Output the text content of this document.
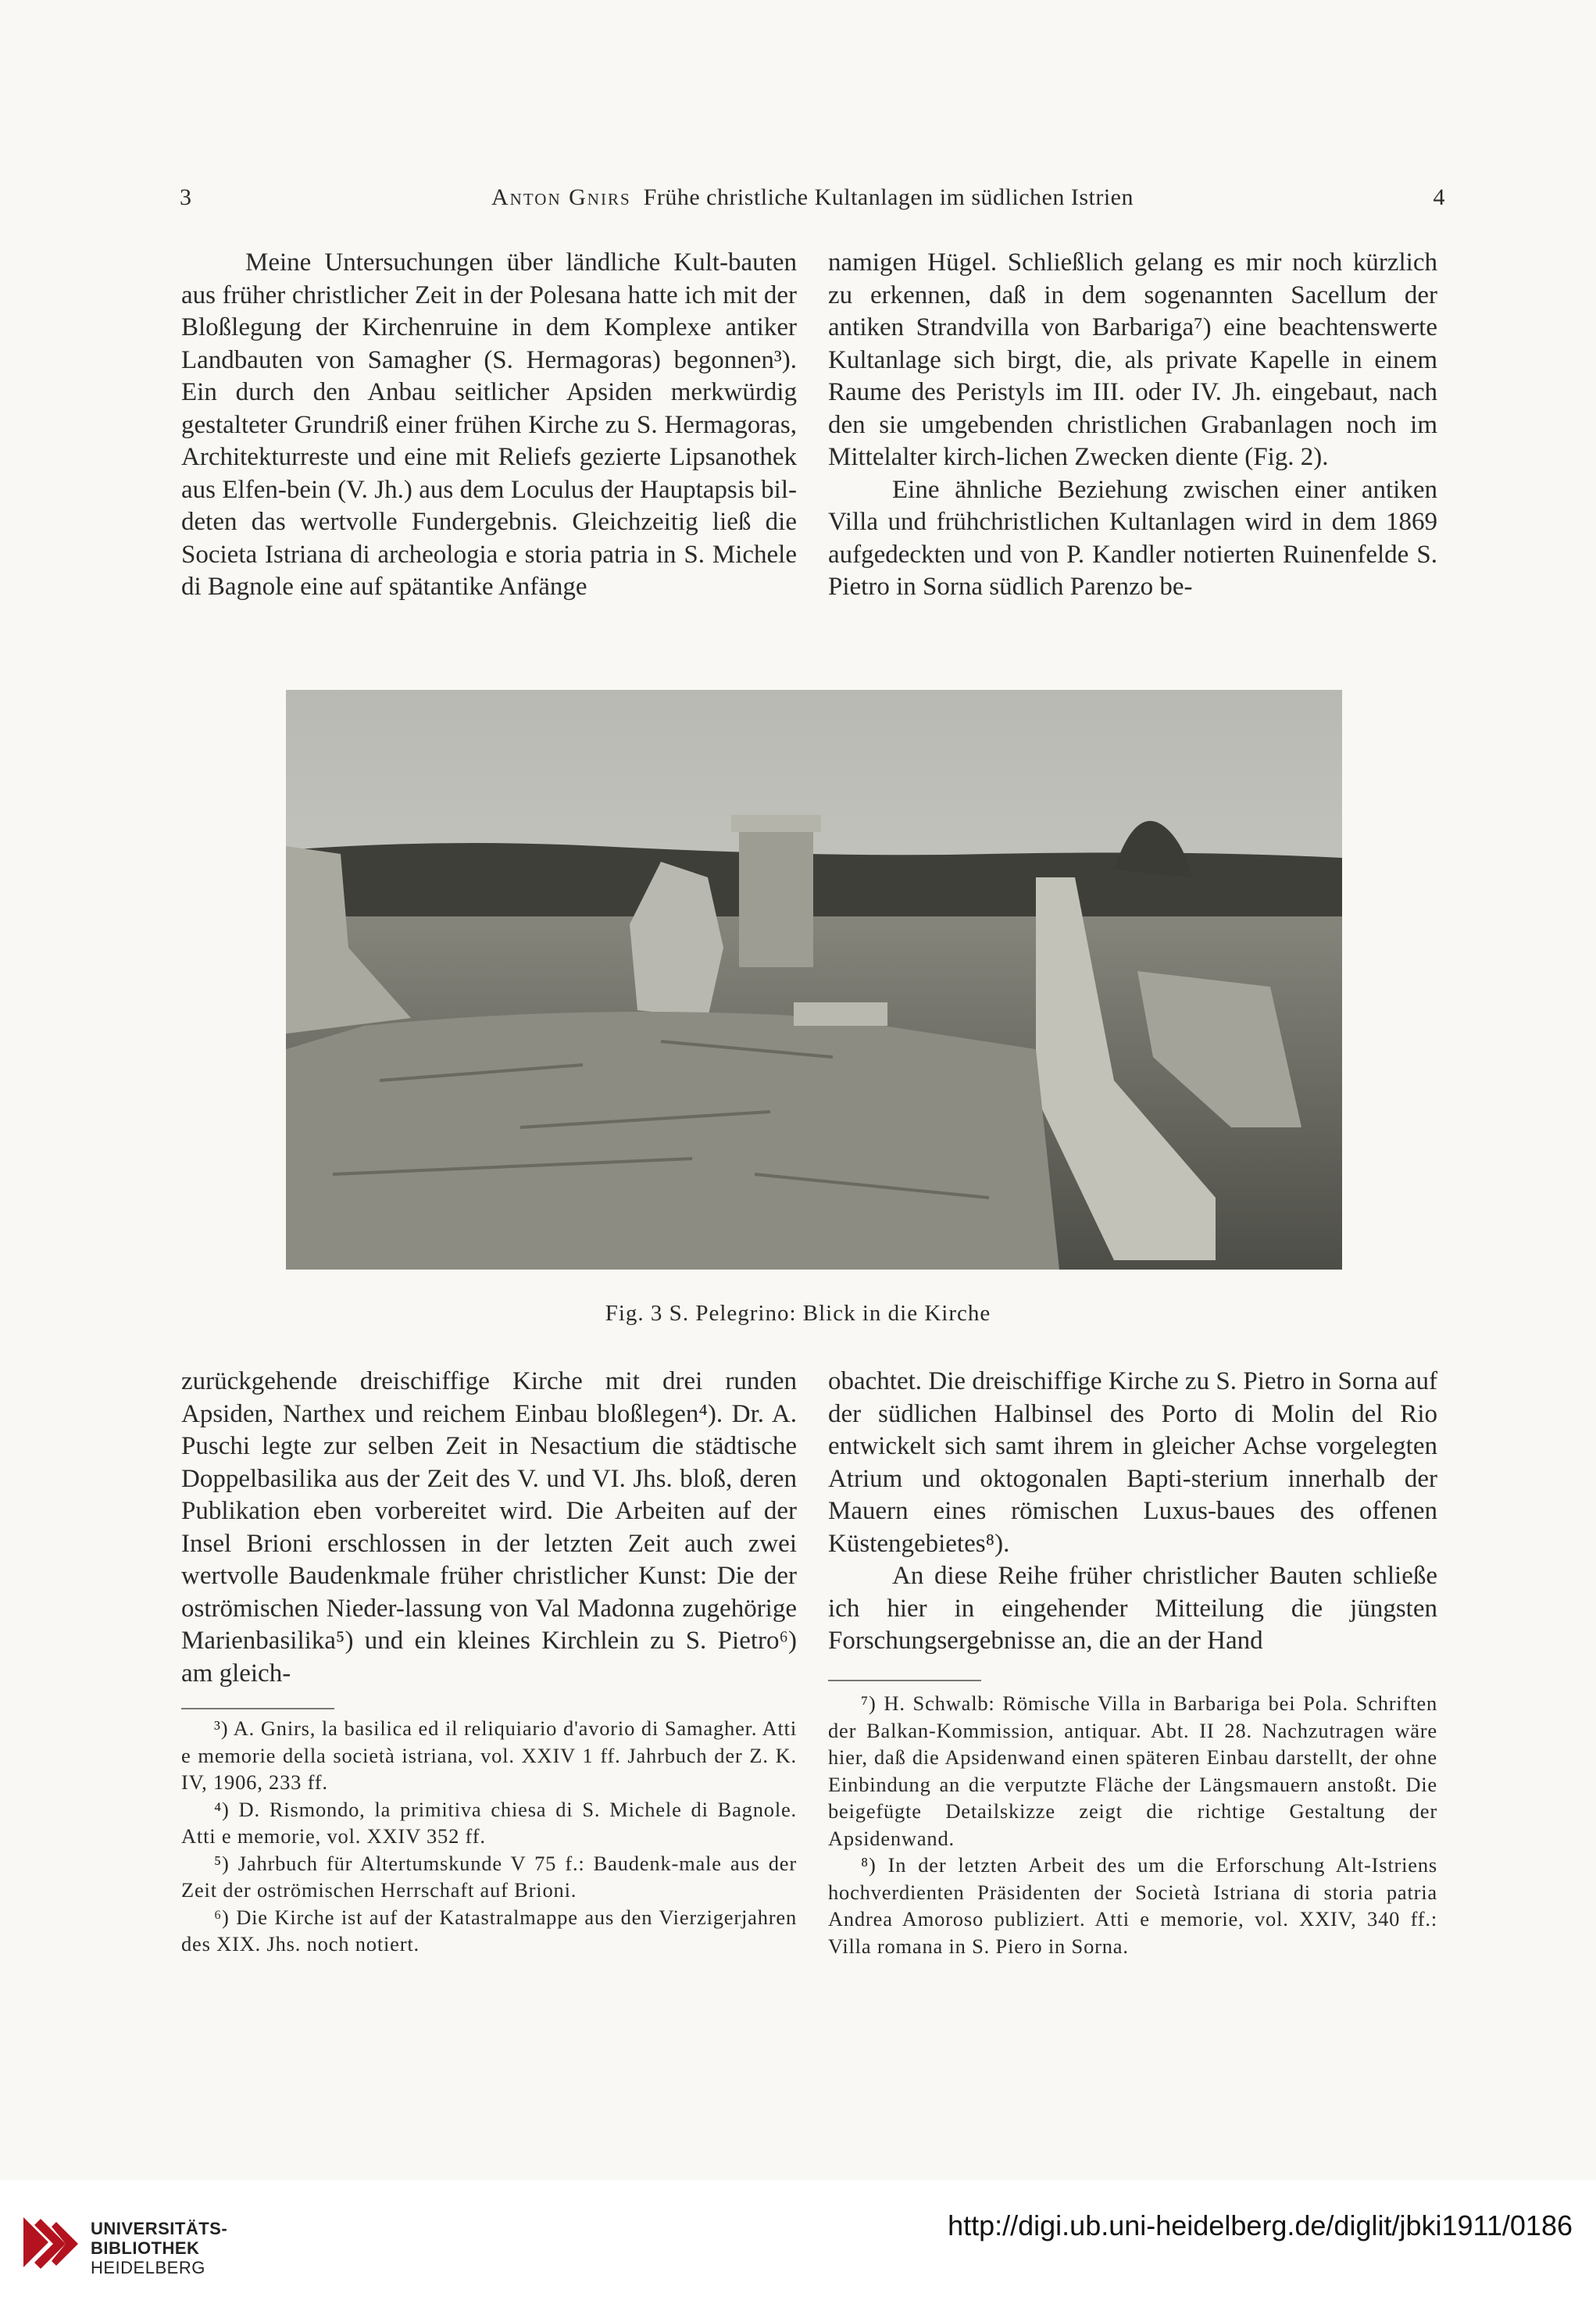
3	Anton Gnirs Frühe christliche Kultanlagen im südlichen Istrien	4

Meine Untersuchungen über ländliche Kult-bauten aus früher christlicher Zeit in der Polesana hatte ich mit der Bloßlegung der Kirchenruine in dem Komplexe antiker Landbauten von Samagher (S. Hermagoras) begonnen³). Ein durch den Anbau seitlicher Apsiden merkwürdig gestalteter Grundriß einer frühen Kirche zu S. Hermagoras, Architekturreste und eine mit Reliefs gezierte Lipsanothek aus Elfen-bein (V. Jh.) aus dem Loculus der Hauptapsis bil-deten das wertvolle Fundergebnis. Gleichzeitig ließ die Societa Istriana di archeologia e storia patria in S. Michele di Bagnole eine auf spätantike Anfänge

namigen Hügel. Schließlich gelang es mir noch kürzlich zu erkennen, daß in dem sogenannten Sacellum der antiken Strandvilla von Barbariga⁷) eine beachtenswerte Kultanlage sich birgt, die, als private Kapelle in einem Raume des Peristyls im III. oder IV. Jh. eingebaut, nach den sie umgebenden christlichen Grabanlagen noch im Mittelalter kirch-lichen Zwecken diente (Fig. 2).

Eine ähnliche Beziehung zwischen einer antiken Villa und frühchristlichen Kultanlagen wird in dem 1869 aufgedeckten und von P. Kandler notierten Ruinenfelde S. Pietro in Sorna südlich Parenzo be-

Fig. 3 S. Pelegrino: Blick in die Kirche

zurückgehende dreischiffige Kirche mit drei runden Apsiden, Narthex und reichem Einbau bloßlegen⁴). Dr. A. Puschi legte zur selben Zeit in Nesactium die städtische Doppelbasilika aus der Zeit des V. und VI. Jhs. bloß, deren Publikation eben vorbereitet wird. Die Arbeiten auf der Insel Brioni erschlossen in der letzten Zeit auch zwei wertvolle Baudenkmale früher christlicher Kunst: Die der oströmischen Nieder-lassung von Val Madonna zugehörige Marienbasilika⁵) und ein kleines Kirchlein zu S. Pietro⁶) am gleich-

obachtet. Die dreischiffige Kirche zu S. Pietro in Sorna auf der südlichen Halbinsel des Porto di Molin del Rio entwickelt sich samt ihrem in gleicher Achse vorgelegten Atrium und oktogonalen Bapti-sterium innerhalb der Mauern eines römischen Luxus-baues des offenen Küstengebietes⁸).

An diese Reihe früher christlicher Bauten schließe ich hier in eingehender Mitteilung die jüngsten Forschungsergebnisse an, die an der Hand

³) A. Gnirs, la basilica ed il reliquiario d'avorio di Samagher. Atti e memorie della società istriana, vol. XXIV 1 ff. Jahrbuch der Z. K. IV, 1906, 233 ff.

⁴) D. Rismondo, la primitiva chiesa di S. Michele di Bagnole. Atti e memorie, vol. XXIV 352 ff.

⁵) Jahrbuch für Altertumskunde V 75 f.: Baudenk-male aus der Zeit der oströmischen Herrschaft auf Brioni.

⁶) Die Kirche ist auf der Katastralmappe aus den Vierzigerjahren des XIX. Jhs. noch notiert.

⁷) H. Schwalb: Römische Villa in Barbariga bei Pola. Schriften der Balkan-Kommission, antiquar. Abt. II 28. Nachzutragen wäre hier, daß die Apsidenwand einen späteren Einbau darstellt, der ohne Einbindung an die verputzte Fläche der Längsmauern anstoßt. Die beigefügte Detailskizze zeigt die richtige Gestaltung der Apsidenwand.

⁸) In der letzten Arbeit des um die Erforschung Alt-Istriens hochverdienten Präsidenten der Società Istriana di storia patria Andrea Amoroso publiziert. Atti e memorie, vol. XXIV, 340 ff.: Villa romana in S. Piero in Sorna.

UNIVERSITÄTS-
BIBLIOTHEK
HEIDELBERG
http://digi.ub.uni-heidelberg.de/diglit/jbki1911/0186
